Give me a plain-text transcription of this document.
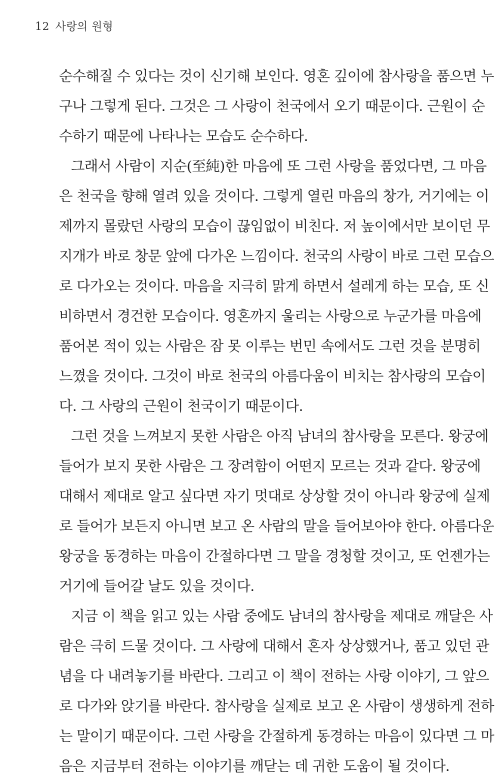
12 사랑의 원형
순수해질 수 있다는 것이 신기해 보인다. 영혼 깊이에 참사랑을 품으면 누
구나 그렇게 된다. 그것은 그 사랑이 천국에서 오기 때문이다. 근원이 순
수하기 때문에 나타나는 모습도 순수하다.
그래서 사람이 지순(至純)한 마음에 또 그런 사랑을 품었다면, 그 마음
은 천국을 향해 열려 있을 것이다. 그렇게 열린 마음의 창가, 거기에는 이
제까지 몰랐던 사랑의 모습이 끊임없이 비친다. 저 높이에서만 보이던 무
지개가 바로 창문 앞에 다가온 느낌이다. 천국의 사랑이 바로 그런 모습으
로 다가오는 것이다. 마음을 지극히 맑게 하면서 설레게 하는 모습, 또 신
비하면서 경건한 모습이다. 영혼까지 울리는 사랑으로 누군가를 마음에
품어본 적이 있는 사람은 잠 못 이루는 번민 속에서도 그런 것을 분명히
느꼈을 것이다. 그것이 바로 천국의 아름다움이 비치는 참사랑의 모습이
다. 그 사랑의 근원이 천국이기 때문이다.
그런 것을 느껴보지 못한 사람은 아직 남녀의 참사랑을 모른다. 왕궁에
들어가 보지 못한 사람은 그 장려함이 어떤지 모르는 것과 같다. 왕궁에
대해서 제대로 알고 싶다면 자기 멋대로 상상할 것이 아니라 왕궁에 실제
로 들어가 보든지 아니면 보고 온 사람의 말을 들어보아야 한다. 아름다운
왕궁을 동경하는 마음이 간절하다면 그 말을 경청할 것이고, 또 언젠가는
거기에 들어갈 날도 있을 것이다.
지금 이 책을 읽고 있는 사람 중에도 남녀의 참사랑을 제대로 깨달은 사
람은 극히 드물 것이다. 그 사랑에 대해서 혼자 상상했거나, 품고 있던 관
념을 다 내려놓기를 바란다. 그리고 이 책이 전하는 사랑 이야기, 그 앞으
로 다가와 앉기를 바란다. 참사랑을 실제로 보고 온 사람이 생생하게 전하
는 말이기 때문이다. 그런 사랑을 간절하게 동경하는 마음이 있다면 그 마
음은 지금부터 전하는 이야기를 깨닫는 데 귀한 도움이 될 것이다.
